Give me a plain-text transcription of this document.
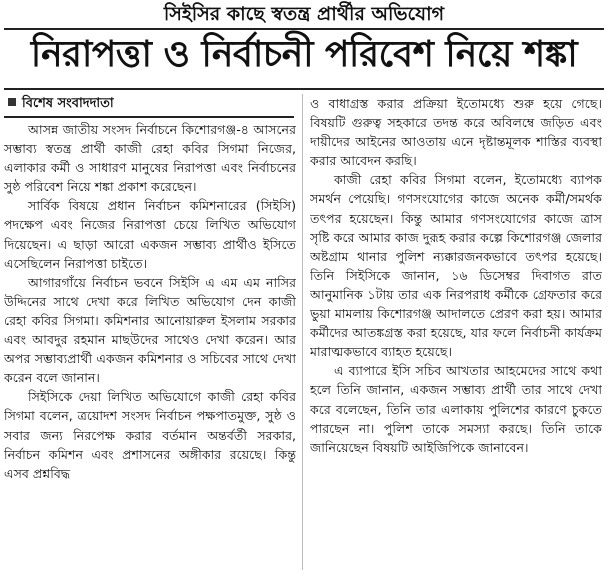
সিইসির কাছে স্বতন্ত্র প্রার্থীর অভিযোগ
নিরাপত্তা ও নির্বাচনী পরিবেশ নিয়ে শঙ্কা
বিশেষ সংবাদদাতা

আসন্ন জাতীয় সংসদ নির্বাচনে কিশোরগঞ্জ-৪ আসনের সম্ভাব্য স্বতন্ত্র প্রার্থী কাজী রেহা কবির সিগমা নিজের, এলাকার কর্মী ও সাধারণ মানুষের নিরাপত্তা এবং নির্বাচনের সুষ্ঠ পরিবেশ নিয়ে শঙ্কা প্রকাশ করেছেন।

সার্বিক বিষয়ে প্রধান নির্বাচন কমিশনারের (সিইসি) পদক্ষেপ এবং নিজের নিরাপত্তা চেয়ে লিখিত অভিযোগ দিয়েছেন। এ ছাড়া আরো একজন সম্ভাব্য প্রার্থীও ইসিতে এসেছিলেন নিরাপত্তা চাইতে।

আগারগাঁয়ে নির্বাচন ভবনে সিইসি এ এম এম নাসির উদ্দিনের সাথে দেখা করে লিখিত অভিযোগ দেন কাজী রেহা কবির সিগমা। কমিশনার আনোয়ারুল ইসলাম সরকার এবং আবদুর রহমান মাছউদের সাথেও দেখা করেন। আর অপর সম্ভাব্যপ্রার্থী একজন কমিশনার ও সচিবের সাথে দেখা করেন বলে জানান।

সিইসিকে দেয়া লিখিত অভিযোগে কাজী রেহা কবির সিগমা বলেন, ত্রয়োদশ সংসদ নির্বাচন পক্ষপাতমুক্ত, সুষ্ঠ ও সবার জন্য নিরপেক্ষ করার বর্তমান অন্তর্বর্তী সরকার, নির্বাচন কমিশন এবং প্রশাসনের অঙ্গীকার রয়েছে। কিন্তু এসব প্রশ্নবিদ্ধ

ও বাধাগ্রস্ত করার প্রক্রিয়া ইতোমধ্যে শুরু হয়ে গেছে। বিষয়টি গুরুত্ব সহকারে তদন্ত করে অবিলম্বে জড়িত এবং দায়ীদের আইনের আওতায় এনে দৃষ্টান্তমূলক শাস্তির ব্যবস্থা করার আবেদন করছি।

কাজী রেহা কবির সিগমা বলেন, ইতোমধ্যে ব্যাপক সমর্থন পেয়েছি। গণসংযোগের কাজে অনেক কর্মী/সমর্থক তৎপর হয়েছেন। কিন্তু আমার গণসংযোগের কাজে ত্রাস সৃষ্টি করে আমার কাজ দুরূহ করার কল্পে কিশোরগঞ্জ জেলার অষ্টগ্রাম থানার পুলিশ ন্যক্কারজনকভাবে তৎপর হয়েছে। তিনি সিইসিকে জানান, ১৬ ডিসেম্বর দিবাগত রাত আনুমানিক ১টায় তার এক নিরপরাধ কর্মীকে গ্রেফতার করে ভুয়া মামলায় কিশোরগঞ্জ আদালতে প্রেরণ করা হয়। আমার কর্মীদের আতঙ্কগ্রস্ত করা হয়েছে, যার ফলে নির্বাচনী কার্যক্রম মারাত্মকভাবে ব্যাহত হয়েছে।

এ ব্যাপারে ইসি সচিব আখতার আহমেদের সাথে কথা হলে তিনি জানান, একজন সম্ভাব্য প্রার্থী তার সাথে দেখা করে বলেছেন, তিনি তার এলাকায় পুলিশের কারণে চুকতে পারছেন না। পুলিশ তাকে সমস্যা করছে। তিনি তাকে জানিয়েছেন বিষয়টি আইজিপিকে জানাবেন।
